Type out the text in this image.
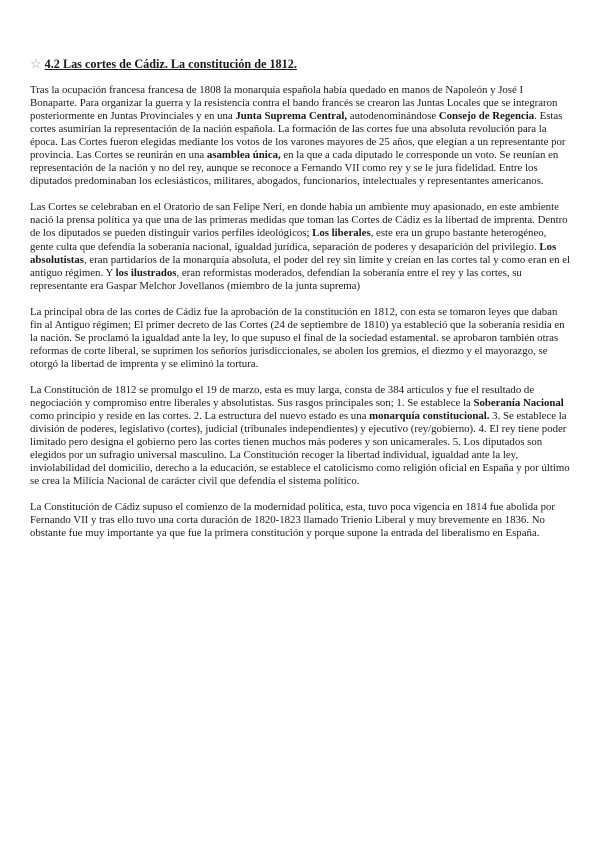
☆ 4.2 Las cortes de Cádiz. La constitución de 1812.

Tras la ocupación francesa francesa de 1808 la monarquía española había quedado en manos de Napoleón y José I Bonaparte. Para organizar la guerra y la resistencia contra el bando francés se crearon las Juntas Locales que se integraron posteriormente en Juntas Provinciales y en una Junta Suprema Central, autodenominándose Consejo de Regencia. Estas cortes asumirían la representación de la nación española. La formación de las cortes fue una absoluta revolución para la época. Las Cortes fueron elegidas mediante los votos de los varones mayores de 25 años, que elegían a un representante por provincia. Las Cortes se reunirán en una asamblea única, en la que a cada diputado le corresponde un voto. Se reunían en representación de la nación y no del rey, aunque se reconoce a Fernando VII como rey y se le jura fidelidad. Entre los diputados predominaban los eclesiásticos, militares, abogados, funcionarios, intelectuales y representantes americanos.

Las Cortes se celebraban en el Oratorio de san Felipe Neri, en donde había un ambiente muy apasionado, en este ambiente nació la prensa política ya que una de las primeras medidas que toman las Cortes de Cádiz es la libertad de imprenta. Dentro de los diputados se pueden distinguir varios perfiles ideológicos; Los liberales, este era un grupo bastante heterogéneo, gente culta que defendía la soberanía nacional, igualdad jurídica, separación de poderes y desaparición del privilegio. Los absolutistas, eran partidarios de la monarquía absoluta, el poder del rey sin límite y creían en las cortes tal y como eran en el antiguo régimen. Y los ilustrados, eran reformistas moderados, defendían la soberanía entre el rey y las cortes, su representante era Gaspar Melchor Jovellanos (miembro de la junta suprema)

La principal obra de las cortes de Cádiz fue la aprobación de la constitución en 1812, con esta se tomaron leyes que daban fin al Antiguo régimen; El primer decreto de las Cortes (24 de septiembre de 1810) ya estableció que la soberanía residía en la nación. Se proclamó la igualdad ante la ley, lo que supuso el final de la sociedad estamental. se aprobaron también otras reformas de corte liberal, se suprimen los señoríos jurisdiccionales, se abolen los gremios, el diezmo y el mayorazgo, se otorgó la libertad de imprenta y se eliminó la tortura.

La Constitución de 1812 se promulgo el 19 de marzo, esta es muy larga, consta de 384 artículos y fue el resultado de negociación y compromiso entre liberales y absolutistas. Sus rasgos principales son; 1. Se establece la Soberanía Nacional como principio y reside en las cortes. 2. La estructura del nuevo estado es una monarquía constitucional. 3. Se establece la división de poderes, legislativo (cortes), judicial (tribunales independientes) y ejecutivo (rey/gobierno). 4. El rey tiene poder limitado pero designa el gobierno pero las cortes tienen muchos más poderes y son unicamerales. 5. Los diputados son elegidos por un sufragio universal masculino. La Constitución recoger la libertad individual, igualdad ante la ley, inviolabilidad del domicilio, derecho a la educación, se establece el catolicismo como religión oficial en España y por último se crea la Milicia Nacional de carácter civil que defendía el sistema político.

La Constitución de Cádiz supuso el comienzo de la modernidad política, esta, tuvo poca vigencia en 1814 fue abolida por Fernando VII y tras ello tuvo una corta duración de 1820-1823 llamado Trienio Liberal y muy brevemente en 1836. No obstante fue muy importante ya que fue la primera constitución y porque supone la entrada del liberalismo en España.
